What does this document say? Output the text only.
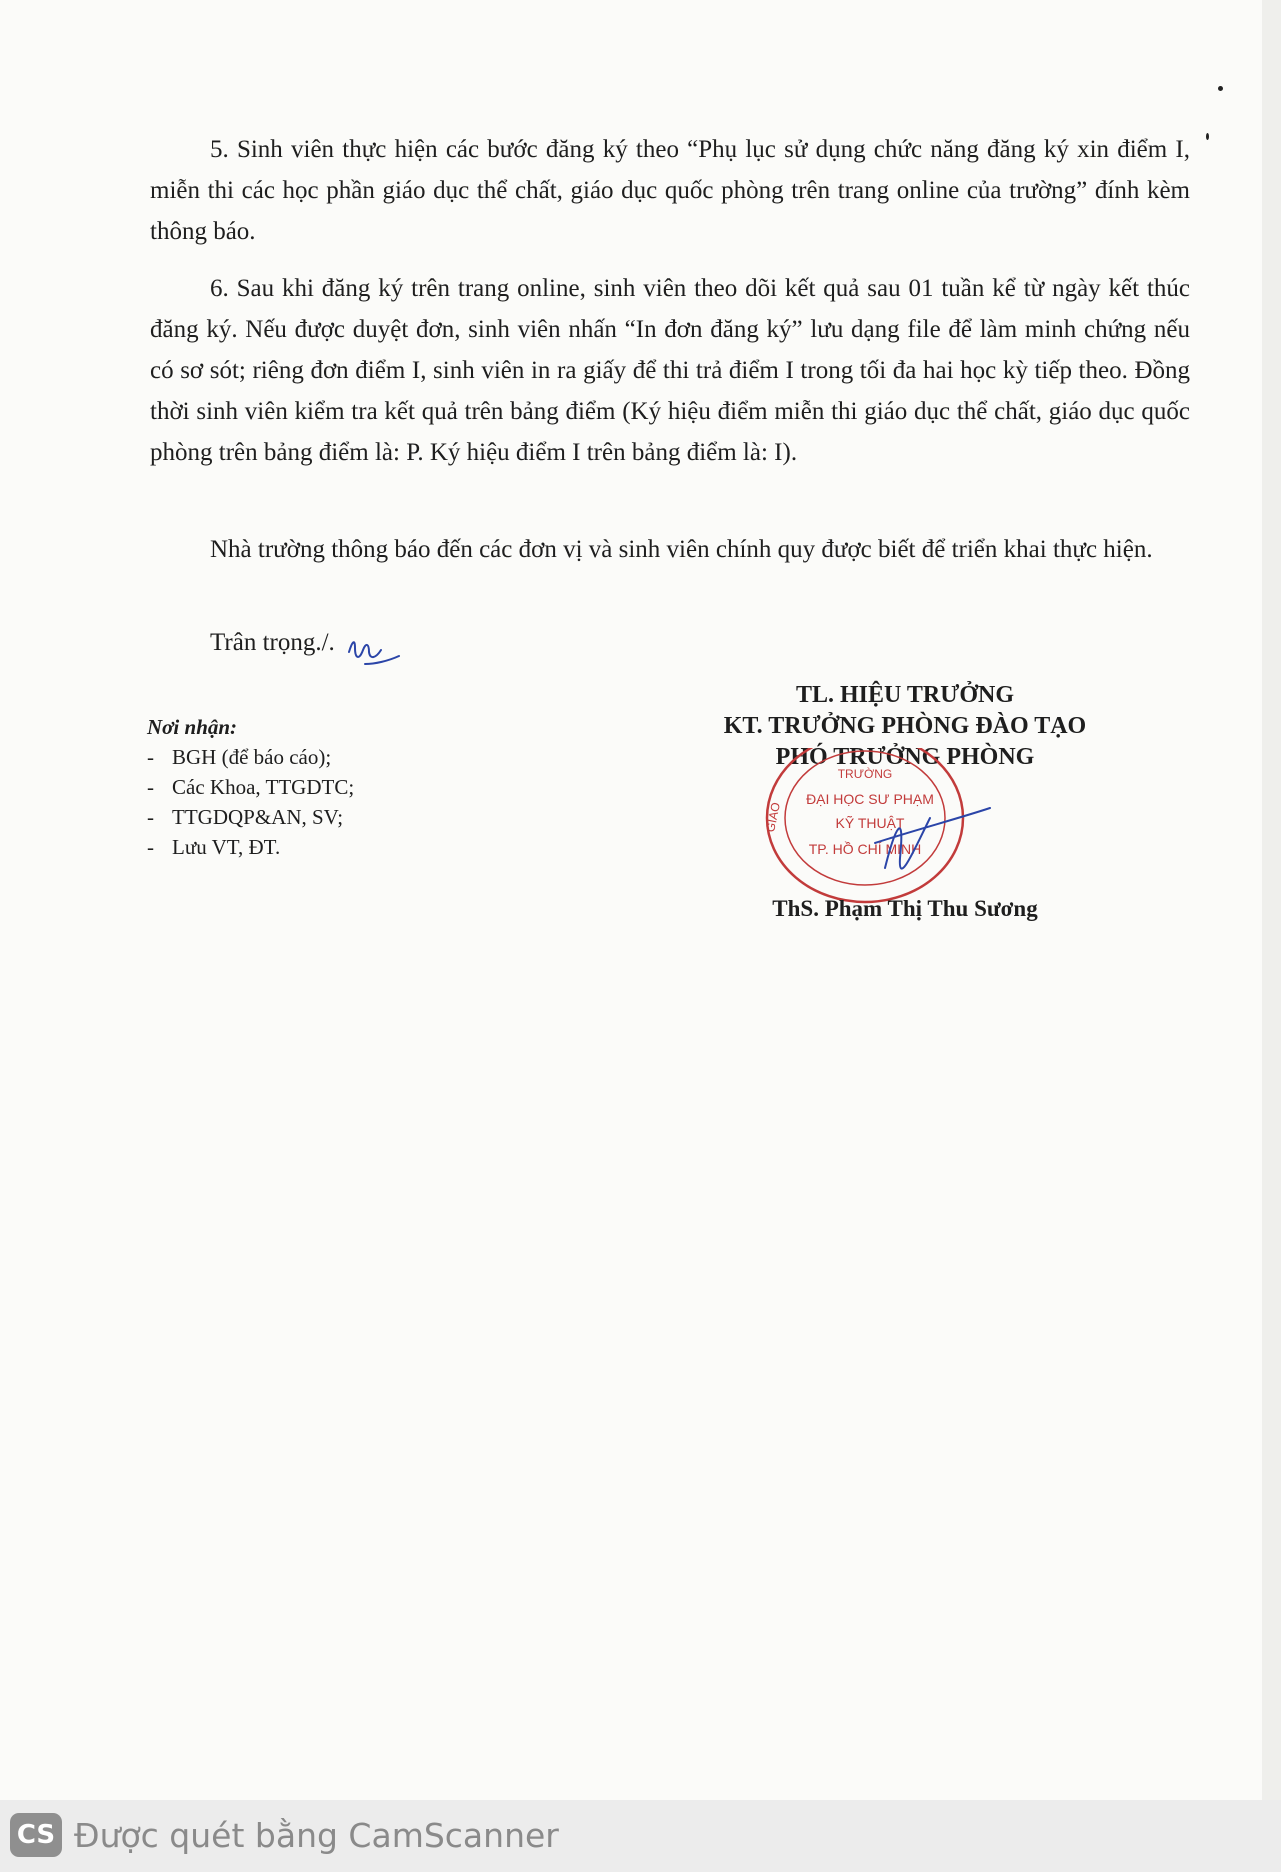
5. Sinh viên thực hiện các bước đăng ký theo “Phụ lục sử dụng chức năng đăng ký xin điểm I, miễn thi các học phần giáo dục thể chất, giáo dục quốc phòng trên trang online của trường” đính kèm thông báo.

6. Sau khi đăng ký trên trang online, sinh viên theo dõi kết quả sau 01 tuần kể từ ngày kết thúc đăng ký. Nếu được duyệt đơn, sinh viên nhấn “In đơn đăng ký” lưu dạng file để làm minh chứng nếu có sơ sót; riêng đơn điểm I, sinh viên in ra giấy để thi trả điểm I trong tối đa hai học kỳ tiếp theo. Đồng thời sinh viên kiểm tra kết quả trên bảng điểm (Ký hiệu điểm miễn thi giáo dục thể chất, giáo dục quốc phòng trên bảng điểm là: P. Ký hiệu điểm I trên bảng điểm là: I).

Nhà trường thông báo đến các đơn vị và sinh viên chính quy được biết để triển khai thực hiện.

Trân trọng./.
Nơi nhận:
- BGH (để báo cáo);
- Các Khoa, TTGDTC;
- TTGDQP&AN, SV;
- Lưu VT, ĐT.
TL. HIỆU TRƯỞNG
KT. TRƯỞNG PHÒNG ĐÀO TẠO
PHÓ TRƯỞNG PHÒNG
TRƯỜNG
ĐẠI HỌC SƯ PHẠM
KỸ THUẬT
TP. HỒ CHÍ MINH
GIÁO
ThS. Phạm Thị Thu Sương
CS Được quét bằng CamScanner
